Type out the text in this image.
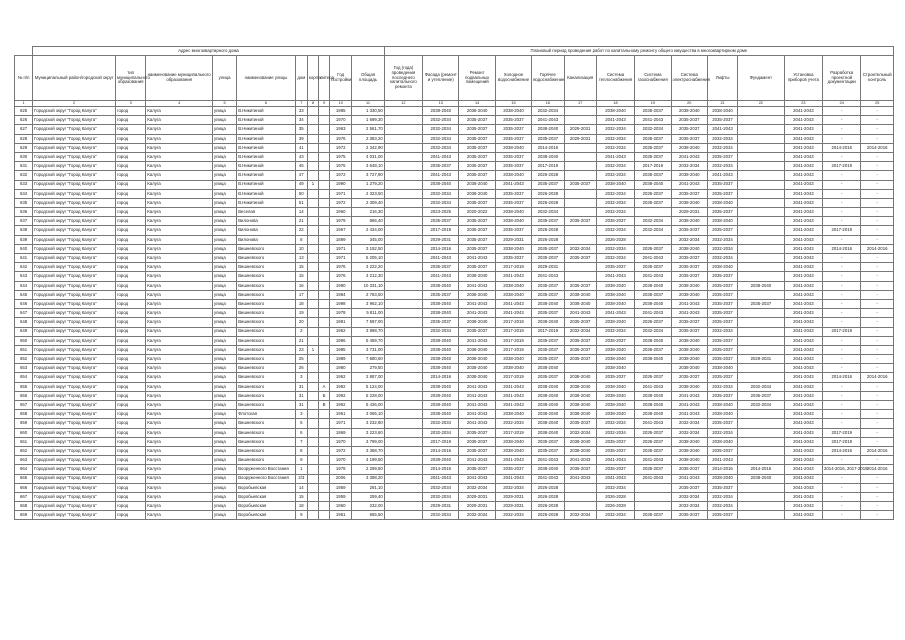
	Адрес многоквартирного дома										Плановый период проведения работ по капитальному ремонту общего имущества в многоквартирном доме													
№ п/п	Муниципальный район/городской округ	тип муниципального образования	наименование муниципального образования	улица	наименование улицы	дом	корпус	литера	Год постройки	Общая площадь	Год (года) проведения последнего капитального ремонта	Фасада (ремонт и утепление)	Ремонт подвальных помещений	Холодное водоснабжение	Горячее водоснабжение	Канализация	Система теплоснабжения	Система газоснабжения	Система электроснабжения	Лифты	Фундамент	Установка приборов учета	Разработка проектной документации	Строительный контроль
1	2	3	4	5	6	7	8	9	10	11	12	13	14	15	16	17	18	19	20	21	22	23	24	25
625	Городской округ "Город Калуга"	город	Калуга	улица	В.Никитиной	33			1985	1 330,50		2038-2040	2038-2040	2038-2040	2032-2034		2038-2040	2035-2037	2038-2040	2038-2040		2041-2043	-	-
626	Городской округ "Город Калуга"	город	Калуга	улица	В.Никитиной	34			1970	1 699,30		2032-2034	2035-2037	2035-2037	2041-2043		2041-2043	2041-2043	2035-2037	2035-2037		2041-2043	-	-
627	Городской округ "Город Калуга"	город	Калуга	улица	В.Никитиной	35			1963	2 561,70		2032-2034	2035-2037	2035-2037	2038-2040	2029-2031	2032-2034	2032-2034	2035-2037	2041-2043		2041-2043	-	-
628	Городской округ "Город Калуга"	город	Калуга	улица	В.Никитиной	39			1976	2 383,20		2032-2034	2035-2037	2035-2037	2035-2037	2029-2031	2032-2034	2035-2037	2035-2037	2032-2034		2041-2043	-	-
629	Городской округ "Город Калуга"	город	Калуга	улица	В.Никитиной	41			1972	2 342,90		2032-2034	2035-2037	2038-2040	2014-2016		2032-2034	2035-2037	2038-2040	2032-2034		2041-2043	2014-2016	2014-2016
630	Городской округ "Город Калуга"	город	Калуга	улица	В.Никитиной	43			1975	4 031,00		2041-2043	2035-2037	2035-2037	2038-2040		2041-2043	2035-2037	2041-2043	2035-2037		2041-2043	-	-
631	Городской округ "Город Калуга"	город	Калуга	улица	В.Никитиной	45			1975	3 648,10		2035-2037	2035-2037	2035-2037	2017-2019		2032-2034	2017-2019	2032-2034	2032-2034		2041-2043	2017-2019	-
632	Городской округ "Город Калуга"	город	Калуга	улица	В.Никитиной	47			1972	3 727,90		2041-2043	2035-2037	2038-2040	2026-2028		2032-2034	2035-2037	2038-2040	2041-2043		2041-2043	-	-
633	Городской округ "Город Калуга"	город	Калуга	улица	В.Никитиной	49	1		1990	1 279,20		2038-2040	2038-2040	2041-2043	2035-2037	2035-2037	2038-2040	2038-2040	2041-2043	2035-2037		2041-2043	-	-
634	Городской округ "Город Калуга"	город	Калуга	улица	В.Никитиной	50			1971	2 323,50		2032-2034	2038-2040	2035-2037	2026-2028		2032-2034	2035-2037	2035-2037	2035-2037		2041-2043	-	-
635	Городской округ "Город Калуга"	город	Калуга	улица	В.Никитиной	51			1972	2 309,40		2032-2034	2035-2037	2035-2037	2026-2028		2032-2034	2035-2037	2038-2040	2038-2040		2041-2043	-	-
636	Городской округ "Город Калуга"	город	Калуга	улица	Веселая	14			1960	216,30		2023-2025	2020-2022	2038-2040	2032-2034		2032-2034		2029-2031	2035-2037		2041-2043	-	-
637	Городской округ "Город Калуга"	город	Калуга	улица	Вилонова	21			1979	866,40		2035-2037	2035-2037	2038-2040	2035-2037	2035-2037	2035-2037	2032-2034	2038-2040	2038-2040		2041-2043	-	-
638	Городской округ "Город Калуга"	город	Калуга	улица	Вилонова	22			1967	2 434,00		2017-2019	2035-2037	2035-2037	2026-2028		2032-2034	2032-2034	2035-2037	2035-2037		2041-2043	2017-2019	-
639	Городской округ "Город Калуга"	город	Калуга	улица	Вилонова	8			1899	345,00		2029-2031	2035-2037	2029-2031	2026-2028		2026-2028		2032-2034	2032-2034		2041-2043	-	-
640	Городской округ "Город Калуга"	город	Калуга	улица	Вишневского	10			1971	3 152,50		2014-2016	2035-2037	2038-2040	2035-2037	2032-2034	2032-2034	2035-2037	2038-2040	2032-2034		2041-2043	2014-2016	2014-2016
641	Городской округ "Город Калуга"	город	Калуга	улица	Вишневского	13			1971	5 205,10		2041-2043	2041-2043	2035-2037	2035-2037	2035-2037	2032-2034	2041-2043	2035-2037	2032-2034		2041-2043	-	-
642	Городской округ "Город Калуга"	город	Калуга	улица	Вишневского	15			1976	3 222,20		2035-2037	2035-2037	2017-2019	2029-2031		2035-2037	2035-2037	2035-2037	2038-2040		2041-2043	-	-
643	Городской округ "Город Калуга"	город	Калуга	улица	Вишневского	15			1976	3 212,30		2041-2043	2038-2040	2041-2043	2041-2043		2041-2043	2041-2043	2035-2037	2035-2037		2041-2043	-	-
644	Городской округ "Город Калуга"	город	Калуга	улица	Вишневского	16			1990	10 331,10		2038-2040	2041-2043	2038-2040	2035-2037	2035-2037	2038-2040	2038-2040	2038-2040	2035-2037	2038-2040	2041-2043	-	-
645	Городской округ "Город Калуга"	город	Калуга	улица	Вишневского	17			1984	2 783,50		2035-2037	2038-2040	2038-2040	2035-2037	2038-2040	2038-2040	2035-2037	2038-2040	2035-2037		2041-2043	-	-
646	Городской округ "Город Калуга"	город	Калуга	улица	Вишневского	18			1998	3 962,10		2038-2040	2041-2043	2041-2043	2038-2040	2038-2040	2038-2040	2038-2040	2041-2043	2035-2037	2035-2037	2041-2043	-	-
647	Городской округ "Город Калуга"	город	Калуга	улица	Вишневского	19			1978	5 811,00		2038-2040	2041-2043	2041-2043	2035-2037	2041-2043	2041-2043	2041-2043	2041-2043	2035-2037		2041-2043	-	-
648	Городской округ "Город Калуга"	город	Калуга	улица	Вишневского	20			1981	7 597,00		2035-2037	2038-2040	2017-2019	2038-2040	2035-2037	2038-2040	2035-2037	2035-2037	2035-2037		2041-2043	-	-
649	Городской округ "Город Калуга"	город	Калуга	улица	Вишневского	2			1962	3 988,70		2032-2034	2035-2037	2017-2019	2017-2019	2032-2034	2032-2034	2032-2034	2035-2037	2032-2034		2041-2043	2017-2019	-
650	Городской округ "Город Калуга"	город	Калуга	улица	Вишневского	21			1986	5 459,70		2038-2040	2041-2043	2017-2019	2035-2037	2035-2037	2035-2037	2038-2040	2038-2040	2035-2037		2041-2043	-	-
651	Городской округ "Город Калуга"	город	Калуга	улица	Вишневского	23	1		1985	3 731,00		2038-2040	2038-2040	2017-2019	2035-2037	2035-2037	2038-2040	2035-2037	2038-2040	2035-2037		2041-2043	-	-
652	Городской округ "Город Калуга"	город	Калуга	улица	Вишневского	25			1989	7 680,60		2038-2040	2038-2040	2038-2040	2035-2037	2035-2037	2038-2040	2038-2040	2038-2040	2035-2037	2029-2031	2041-2043	-	-
653	Городской округ "Город Калуга"	город	Калуга	улица	Вишневского	26			1980	279,50		2038-2040	2038-2040	2038-2040	2038-2040		2038-2040		2038-2040	2038-2040		2041-2043	-	-
654	Городской округ "Город Калуга"	город	Калуга	улица	Вишневского	3			1962	2 887,00		2014-2016	2038-2040	2017-2019	2035-2037	2038-2040	2035-2037	2035-2037	2035-2037	2035-2037		2041-2043	2014-2016	2014-2016
655	Городской округ "Город Калуга"	город	Калуга	улица	Вишневского	31		А	1992	5 124,00		2038-2040	2041-2043	2041-2043	2038-2040	2038-2040	2038-2040	2041-2043	2038-2040	2032-2034	2032-2034	2041-2043	-	-
656	Городской округ "Город Калуга"	город	Калуга	улица	Вишневского	31		Б	1992	5 228,00		2038-2040	2041-2043	2041-2043	2038-2040	2038-2040	2038-2040	2038-2040	2041-2043	2035-2037	2035-2037	2041-2043	-	-
657	Городской округ "Город Калуга"	город	Калуга	улица	Вишневского	31		В	1992	5 436,00		2038-2040	2041-2043	2041-2043	2038-2040	2038-2040	2038-2040	2038-2040	2041-2043	2038-2040	2032-2034	2041-2043	-	-
658	Городской округ "Город Калуга"	город	Калуга	улица	Флотская	3			1961	3 065,10		2038-2040	2041-2043	2038-2040	2038-2040	2038-2040	2038-2040	2038-2040	2041-2043	2038-2040		2041-2043	-	-
659	Городской округ "Город Калуга"	город	Калуга	улица	Вишневского	5			1971	3 232,80		2032-2034	2041-2043	2032-2034	2038-2040	2035-2037	2032-2034	2041-2043	2032-2034	2035-2037		2041-2043	-	-
660	Городской округ "Город Калуга"	город	Калуга	улица	Вишневского	6			1969	3 223,60		2032-2034	2035-2037	2017-2019	2038-2040	2032-2034	2032-2034	2035-2037	2032-2034	2032-2034		2041-2043	2017-2019	-
661	Городской округ "Город Калуга"	город	Калуга	улица	Вишневского	7			1970	3 799,00		2017-2019	2035-2037	2038-2040	2035-2037	2038-2040	2035-2037	2035-2037	2038-2040	2038-2040		2041-2043	2017-2019	-
662	Городской округ "Город Калуга"	город	Калуга	улица	Вишневского	8			1972	3 368,70		2014-2016	2035-2037	2038-2040	2035-2037	2038-2040	2035-2037	2035-2037	2038-2040	2035-2037		2041-2043	2014-2016	2014-2016
663	Городской округ "Город Калуга"	город	Калуга	улица	Вишневского	9			1970	4 199,50		2038-2040	2041-2043	2041-2043	2041-2043	2041-2043	2041-2043	2041-2043	2038-2040	2041-2043		2041-2043	-	-
664	Городской округ "Город Калуга"	город	Калуга	улица	Вооруженного Восстания	1			1978	2 299,50		2014-2016	2035-2037	2035-2037	2038-2040	2035-2037	2035-2037	2035-2037	2035-2037	2014-2016	2014-2016	2041-2043	2014-2016, 2017-2019	2014-2016
665	Городской округ "Город Калуга"	город	Калуга	улица	Вооруженного Восстания	2/3			2006	3 398,20		2041-2043	2041-2043	2041-2043	2041-2043	2041-2043	2041-2043	2041-2043	2041-2043	2038-2040	2038-2040	2041-2043	-	-
666	Городской округ "Город Калуга"	город	Калуга	улица	Воробьевская	14			1959	291,10		2032-2034	2032-2034	2032-2034	2026-2028		2032-2034		2035-2037	2035-2037		2041-2043	-	-
667	Городской округ "Город Калуга"	город	Калуга	улица	Воробьевская	15			1959	259,40		2032-2034	2029-2031	2029-2031	2026-2028		2026-2028		2032-2034	2032-2034		2041-2043	-	-
668	Городской округ "Город Калуга"	город	Калуга	улица	Воробьевская	18			1960	232,00		2029-2031	2029-2031	2029-2031	2026-2028		2026-2028		2032-2034	2032-2034		2041-2043	-	-
669	Городской округ "Город Калуга"	город	Калуга	улица	Воробьевская	9			1961	655,50		2032-2034	2032-2034	2032-2034	2026-2028	2032-2034	2032-2034	2035-2037	2035-2037	2035-2037		2041-2043	-	-
